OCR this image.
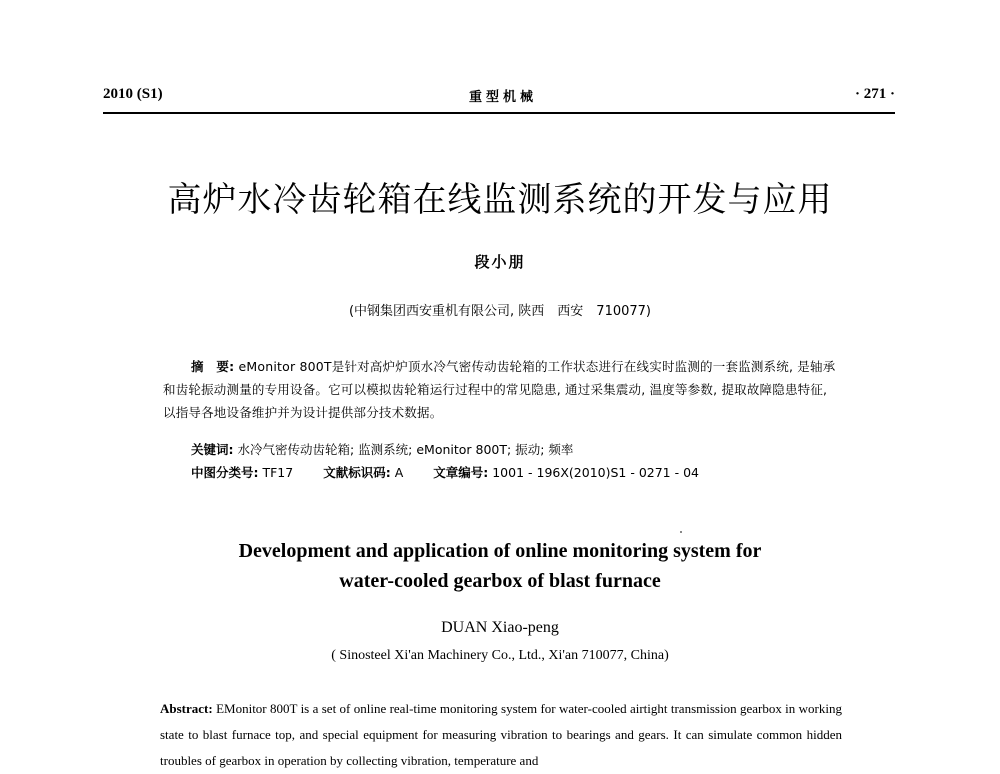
2010 (S1)	重型机械	· 271 ·
高炉水冷齿轮箱在线监测系统的开发与应用
段小朋
(中钢集团西安重机有限公司, 陕西　西安　710077)
摘　要: eMonitor 800T是针对高炉炉顶水冷气密传动齿轮箱的工作状态进行在线实时监测的一套监测系统, 是轴承和齿轮振动测量的专用设备。它可以模拟齿轮箱运行过程中的常见隐患, 通过采集震动, 温度等参数, 提取故障隐患特征, 以指导各地设备维护并为设计提供部分技术数据。
关键词: 水冷气密传动齿轮箱; 监测系统; eMonitor 800T; 振动; 频率
中图分类号: TF17 文献标识码: A 文章编号: 1001 - 196X(2010)S1 - 0271 - 04
Development and application of online monitoring system for
water-cooled gearbox of blast furnace
DUAN Xiao-peng
( Sinosteel Xi'an Machinery Co., Ltd., Xi'an 710077, China)
Abstract: EMonitor 800T is a set of online real-time monitoring system for water-cooled airtight transmission gearbox in working state to blast furnace top, and special equipment for measuring vibration to bearings and gears. It can simulate common hidden troubles of gearbox in operation by collecting vibration, temperature and
